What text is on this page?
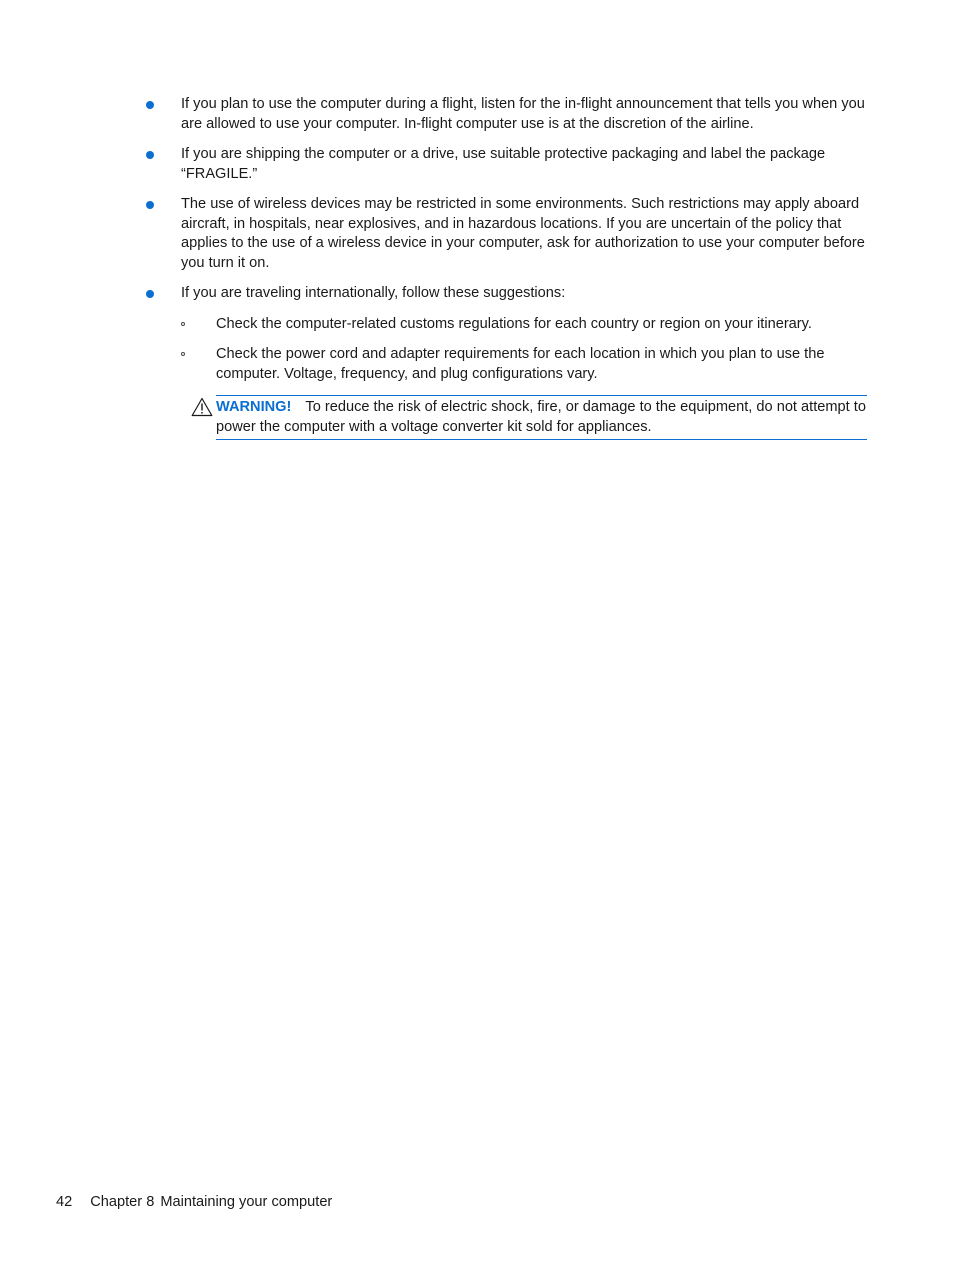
If you plan to use the computer during a flight, listen for the in-flight announcement that tells you when you are allowed to use your computer. In-flight computer use is at the discretion of the airline.
If you are shipping the computer or a drive, use suitable protective packaging and label the package “FRAGILE.”
The use of wireless devices may be restricted in some environments. Such restrictions may apply aboard aircraft, in hospitals, near explosives, and in hazardous locations. If you are uncertain of the policy that applies to the use of a wireless device in your computer, ask for authorization to use your computer before you turn it on.
If you are traveling internationally, follow these suggestions:
Check the computer-related customs regulations for each country or region on your itinerary.
Check the power cord and adapter requirements for each location in which you plan to use the computer. Voltage, frequency, and plug configurations vary.
WARNING! To reduce the risk of electric shock, fire, or damage to the equipment, do not attempt to power the computer with a voltage converter kit sold for appliances.
42 Chapter 8 Maintaining your computer
